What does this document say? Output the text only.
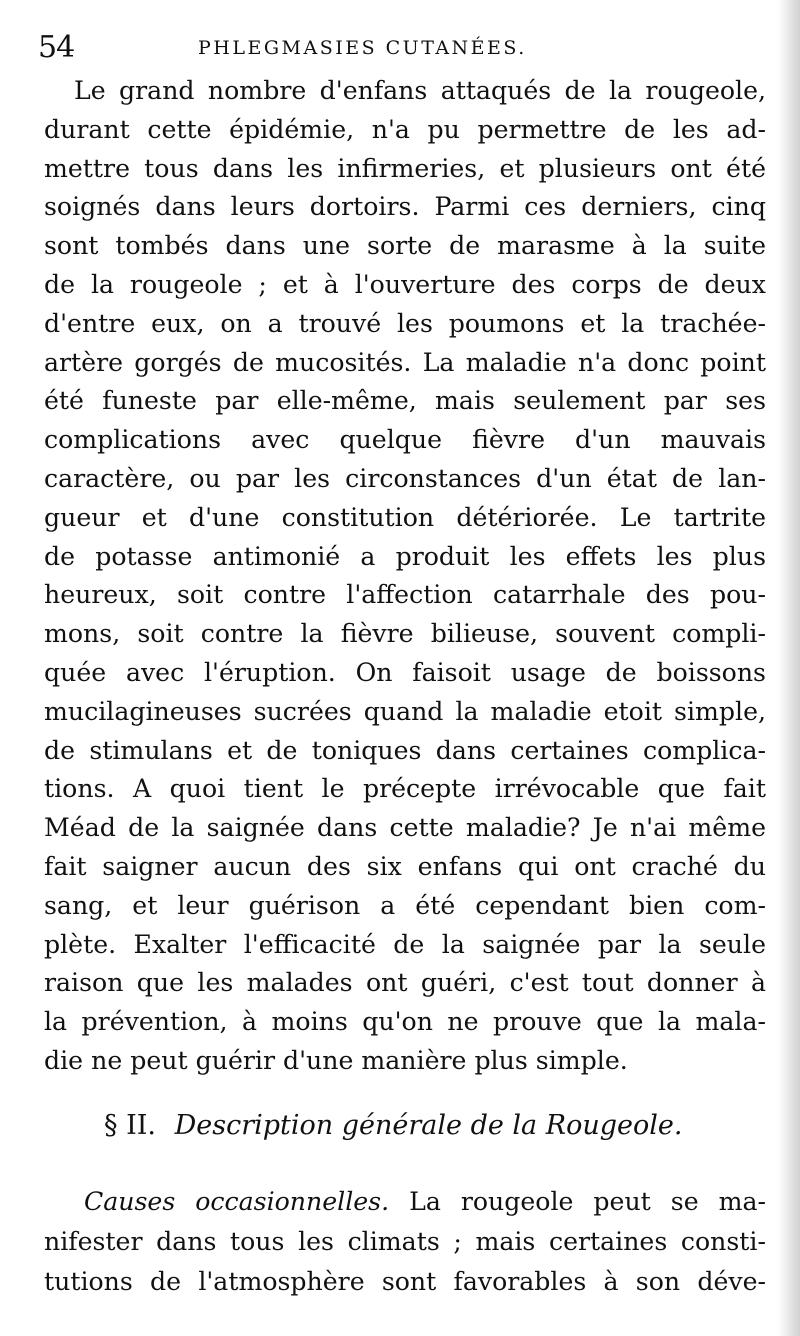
54	PHLEGMASIES CUTANÉES.
Le grand nombre d'enfans attaqués de la rougeole,
durant cette épidémie, n'a pu permettre de les ad-
mettre tous dans les infirmeries, et plusieurs ont été
soignés dans leurs dortoirs. Parmi ces derniers, cinq
sont tombés dans une sorte de marasme à la suite
de la rougeole ; et à l'ouverture des corps de deux
d'entre eux, on a trouvé les poumons et la trachée-
artère gorgés de mucosités. La maladie n'a donc point
été funeste par elle-même, mais seulement par ses
complications avec quelque fièvre d'un mauvais
caractère, ou par les circonstances d'un état de lan-
gueur et d'une constitution détériorée. Le tartrite
de potasse antimonié a produit les effets les plus
heureux, soit contre l'affection catarrhale des pou-
mons, soit contre la fièvre bilieuse, souvent compli-
quée avec l'éruption. On faisoit usage de boissons
mucilagineuses sucrées quand la maladie etoit simple,
de stimulans et de toniques dans certaines complica-
tions. A quoi tient le précepte irrévocable que fait
Méad de la saignée dans cette maladie? Je n'ai même
fait saigner aucun des six enfans qui ont craché du
sang, et leur guérison a été cependant bien com-
plète. Exalter l'efficacité de la saignée par la seule
raison que les malades ont guéri, c'est tout donner à
la prévention, à moins qu'on ne prouve que la mala-
die ne peut guérir d'une manière plus simple.
§ II. Description générale de la Rougeole.
Causes occasionnelles. La rougeole peut se ma-
nifester dans tous les climats ; mais certaines consti-
tutions de l'atmosphère sont favorables à son déve-
